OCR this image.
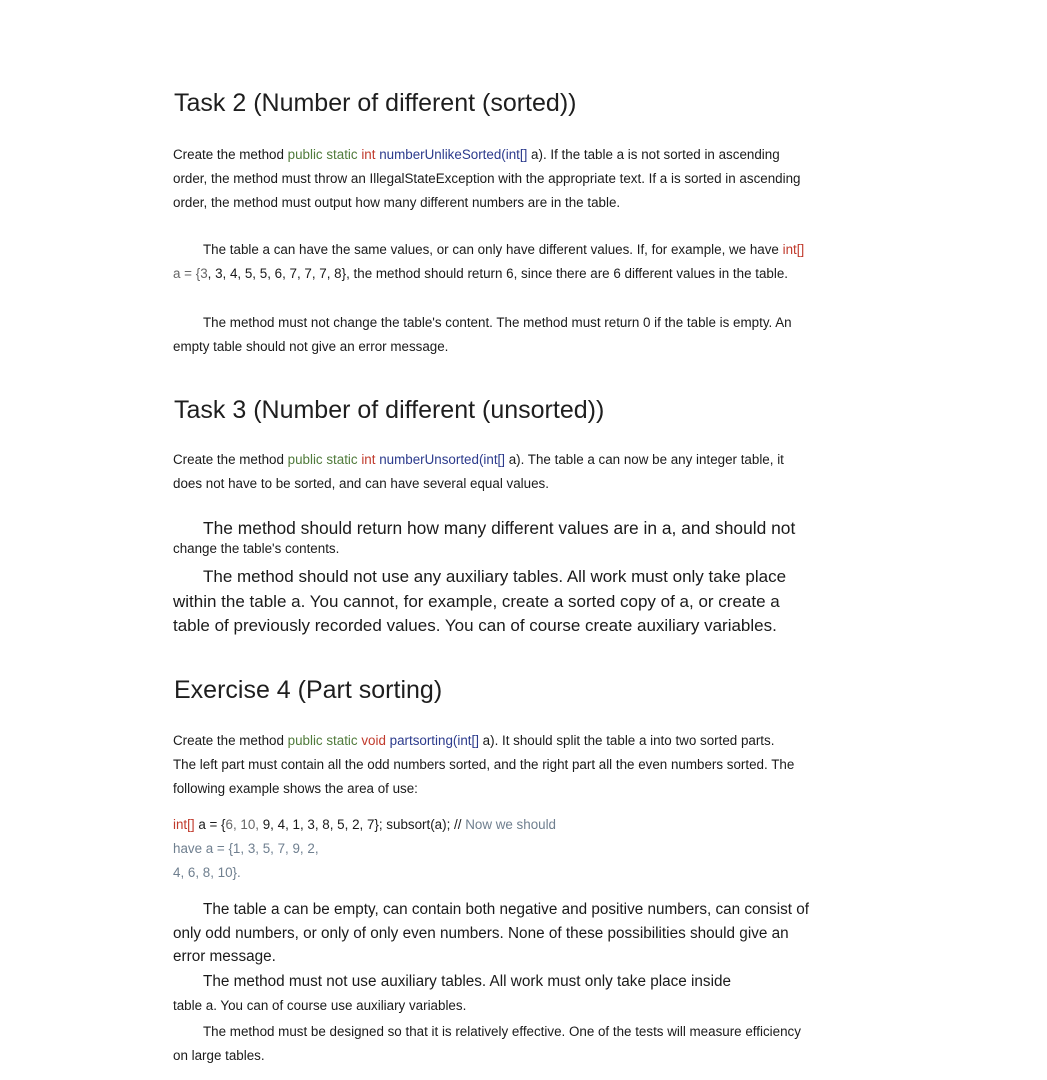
Task 2 (Number of different (sorted))

Create the method public static int numberUnlikeSorted(int[] a). If the table a is not sorted in ascending
order, the method must throw an IllegalStateException with the appropriate text. If a is sorted in ascending
order, the method must output how many different numbers are in the table.

The table a can have the same values, or can only have different values. If, for example, we have int[]
a = {3, 3, 4, 5, 5, 6, 7, 7, 7, 8}, the method should return 6, since there are 6 different values in the table.

The method must not change the table's content. The method must return 0 if the table is empty. An
empty table should not give an error message.

Task 3 (Number of different (unsorted))

Create the method public static int numberUnsorted(int[] a). The table a can now be any integer table, it
does not have to be sorted, and can have several equal values.

The method should return how many different values are in a, and should not
change the table's contents.

The method should not use any auxiliary tables. All work must only take place
within the table a. You cannot, for example, create a sorted copy of a, or create a
table of previously recorded values. You can of course create auxiliary variables.

Exercise 4 (Part sorting)

Create the method public static void partsorting(int[] a). It should split the table a into two sorted parts.
The left part must contain all the odd numbers sorted, and the right part all the even numbers sorted. The
following example shows the area of use:

int[] a = {6, 10, 9, 4, 1, 3, 8, 5, 2, 7}; subsort(a); // Now we should
have a = {1, 3, 5, 7, 9, 2,
4, 6, 8, 10}.

The table a can be empty, can contain both negative and positive numbers, can consist of
only odd numbers, or only of only even numbers. None of these possibilities should give an
error message.

The method must not use auxiliary tables. All work must only take place inside
table a. You can of course use auxiliary variables.

The method must be designed so that it is relatively effective. One of the tests will measure efficiency
on large tables.
